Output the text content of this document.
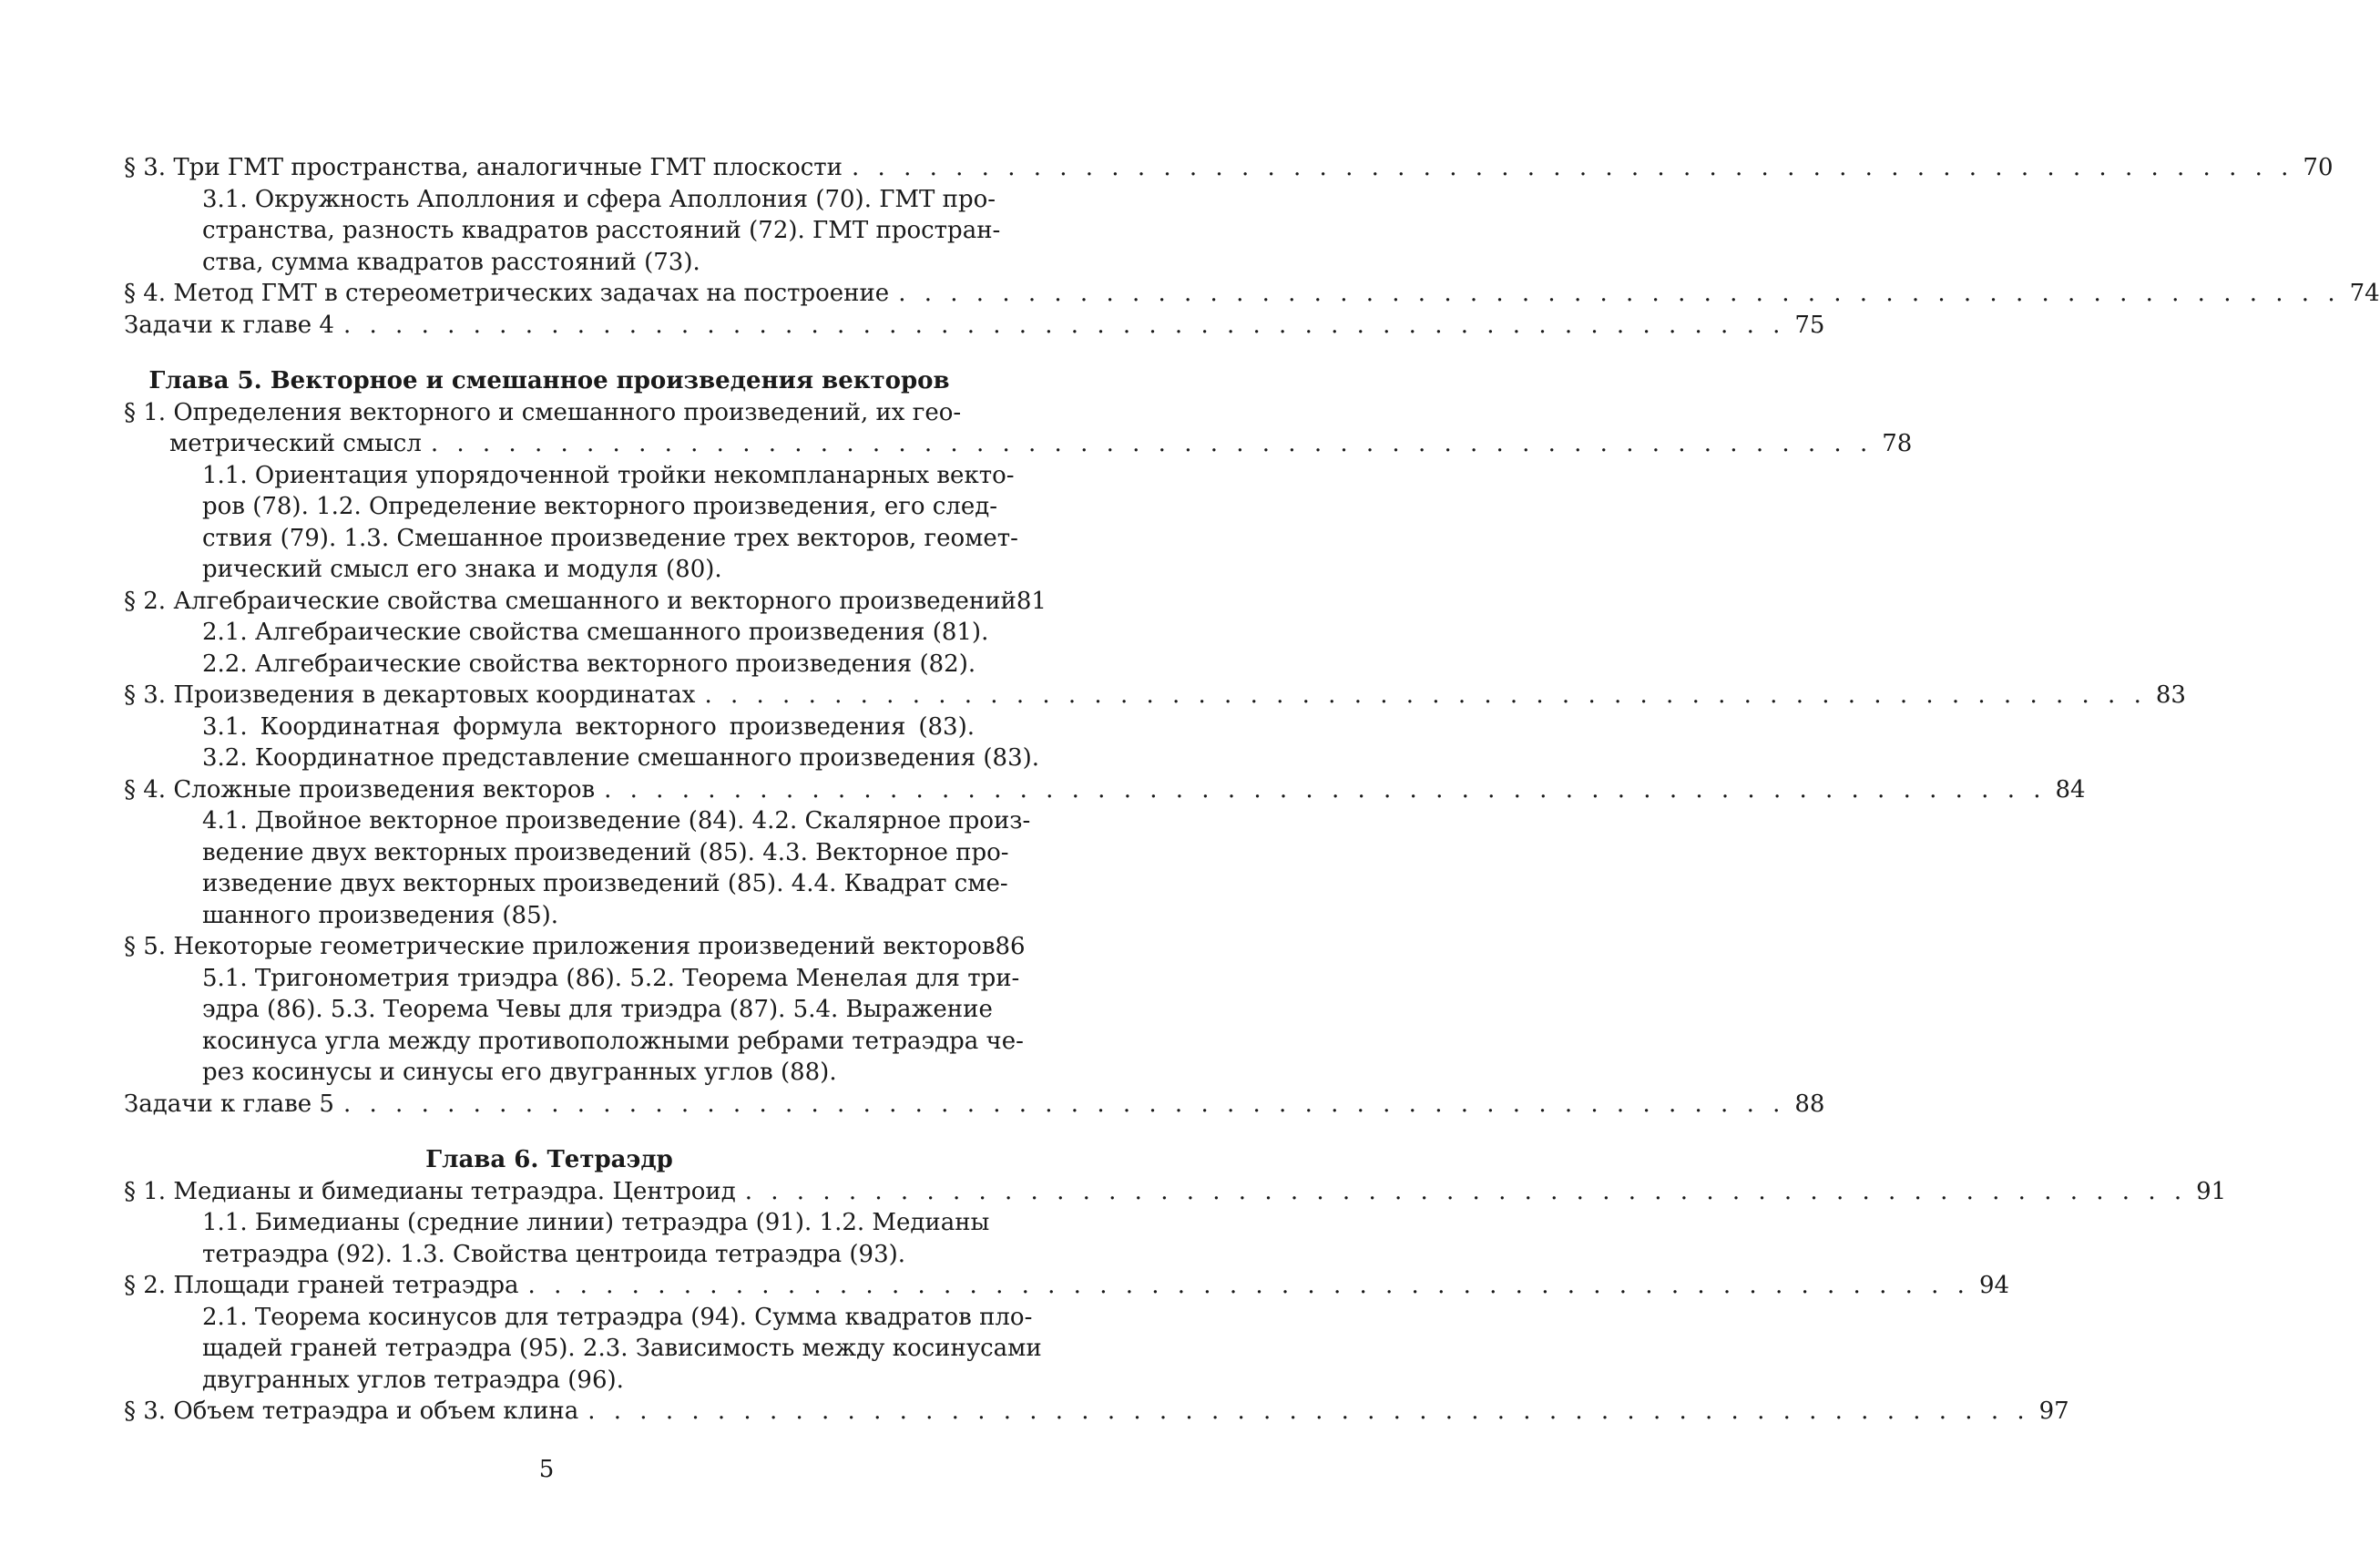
§ 3. Три ГМТ пространства, аналогичные ГМТ плоскости
. . .	70
3.1. Окружность Аполлония и сфера Аполлония (70). ГМТ про-
странства, разность квадратов расстояний (72). ГМТ простран-
ства, сумма квадратов расстояний (73).
§ 4. Метод ГМТ в стереометрических задачах на построение
. . .	74
Задачи к главе 4
. . .	75
Глава 5. Векторное и смешанное произведения векторов
§ 1. Определения векторного и смешанного произведений, их гео-
метрический смысл
. . .	78
1.1. Ориентация упорядоченной тройки некомпланарных векто-
ров (78). 1.2. Определение векторного произведения, его след-
ствия (79). 1.3. Смешанное произведение трех векторов, геомет-
рический смысл его знака и модуля (80).
§ 2. Алгебраические свойства смешанного и векторного произведений 81
2.1. Алгебраические свойства смешанного произведения (81).
2.2. Алгебраические свойства векторного произведения (82).
§ 3. Произведения в декартовых координатах
. . .	83
3.1. Координатная формула векторного произведения (83).
3.2. Координатное представление смешанного произведения (83).
§ 4. Сложные произведения векторов
. . .	84
4.1. Двойное векторное произведение (84). 4.2. Скалярное произ-
ведение двух векторных произведений (85). 4.3. Векторное про-
изведение двух векторных произведений (85). 4.4. Квадрат сме-
шанного произведения (85).
§ 5. Некоторые геометрические приложения произведений векторов 86
5.1. Тригонометрия триэдра (86). 5.2. Теорема Менелая для три-
эдра (86). 5.3. Теорема Чевы для триэдра (87). 5.4. Выражение
косинуса угла между противоположными ребрами тетраэдра че-
рез косинусы и синусы его двугранных углов (88).
Задачи к главе 5
. . .	88
Глава 6. Тетраэдр
§ 1. Медианы и бимедианы тетраэдра. Центроид
. . .	91
1.1. Бимедианы (средние линии) тетраэдра (91). 1.2. Медианы
тетраэдра (92). 1.3. Свойства центроида тетраэдра (93).
§ 2. Площади граней тетраэдра
. . .	94
2.1. Теорема косинусов для тетраэдра (94). Сумма квадратов пло-
щадей граней тетраэдра (95). 2.3. Зависимость между косинусами
двугранных углов тетраэдра (96).
§ 3. Объем тетраэдра и объем клина
. . .	97
5
